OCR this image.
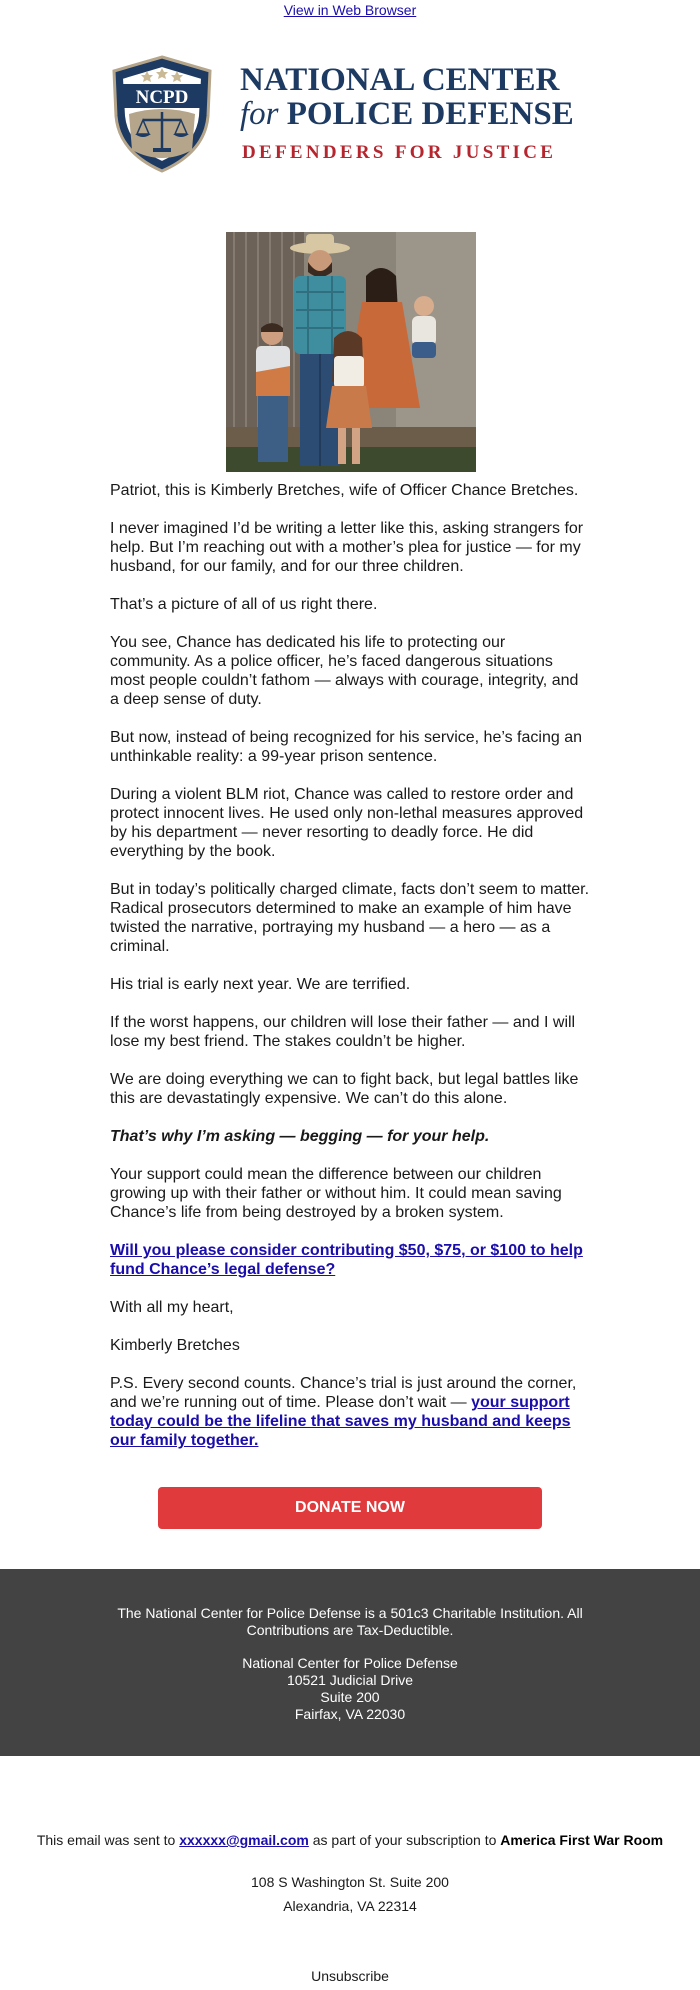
View in Web Browser
NCPD	NATIONAL CENTER
for POLICE DEFENSE
DEFENDERS FOR JUSTICE

Patriot, this is Kimberly Bretches, wife of Officer Chance Bretches.

I never imagined I’d be writing a letter like this, asking strangers for help. But I’m reaching out with a mother’s plea for justice — for my husband, for our family, and for our three children.

That’s a picture of all of us right there.

You see, Chance has dedicated his life to protecting our community. As a police officer, he’s faced dangerous situations most people couldn’t fathom — always with courage, integrity, and a deep sense of duty.

But now, instead of being recognized for his service, he’s facing an unthinkable reality: a 99-year prison sentence.

During a violent BLM riot, Chance was called to restore order and protect innocent lives. He used only non-lethal measures approved by his department — never resorting to deadly force. He did everything by the book.

But in today’s politically charged climate, facts don’t seem to matter. Radical prosecutors determined to make an example of him have twisted the narrative, portraying my husband — a hero — as a criminal.

His trial is early next year. We are terrified.

If the worst happens, our children will lose their father — and I will lose my best friend. The stakes couldn’t be higher.

We are doing everything we can to fight back, but legal battles like this are devastatingly expensive. We can’t do this alone.

That’s why I’m asking — begging — for your help.

Your support could mean the difference between our children growing up with their father or without him. It could mean saving Chance’s life from being destroyed by a broken system.

Will you please consider contributing $50, $75, or $100 to help fund Chance’s legal defense?

With all my heart,

Kimberly Bretches

P.S. Every second counts. Chance’s trial is just around the corner, and we’re running out of time. Please don’t wait — your support today could be the lifeline that saves my husband and keeps our family together.

DONATE NOW
The National Center for Police Defense is a 501c3 Charitable Institution. All Contributions are Tax-Deductible.
National Center for Police Defense
10521 Judicial Drive
Suite 200
Fairfax, VA 22030
This email was sent to xxxxxx@gmail.com as part of your subscription to America First War Room
108 S Washington St. Suite 200
Alexandria, VA 22314
Unsubscribe
